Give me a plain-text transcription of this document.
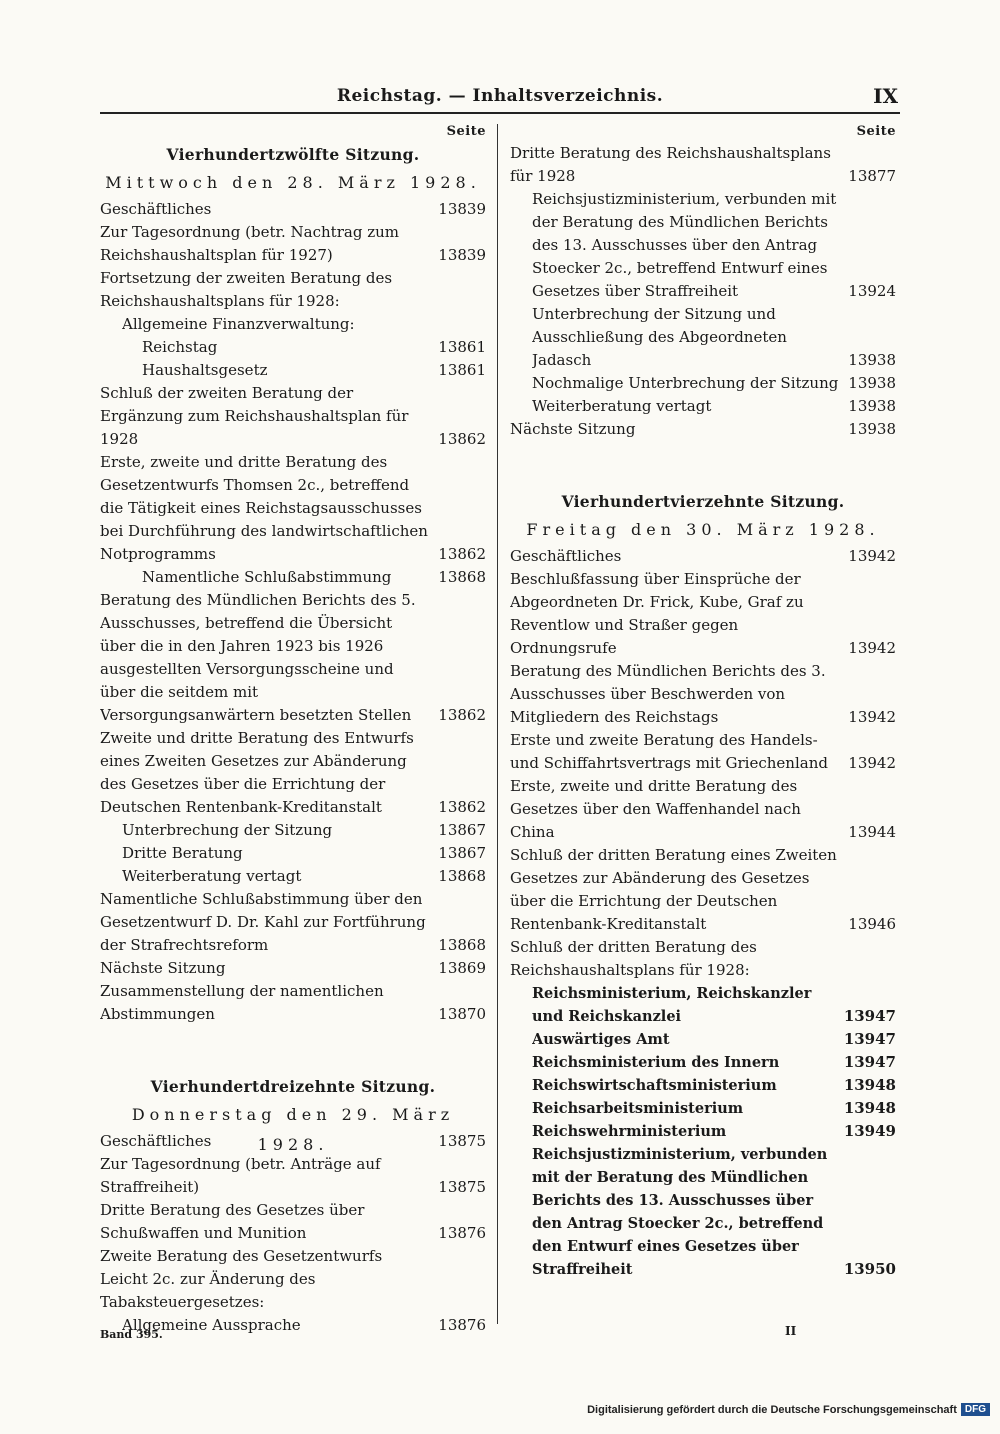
Reichstag. — Inhaltsverzeichnis.	IX
Seite
Vierhundertzwölfte Sitzung.
Mittwoch den 28. März 1928.
Geschäftliches	13839
Zur Tagesordnung (betr. Nachtrag zum Reichshaushaltsplan für 1927)	13839
Fortsetzung der zweiten Beratung des Reichshaushaltsplans für 1928:
Allgemeine Finanzverwaltung:
Reichstag	13861
Haushaltsgesetz	13861
Schluß der zweiten Beratung der Ergänzung zum Reichshaushaltsplan für 1928	13862
Erste, zweite und dritte Beratung des Gesetzentwurfs Thomsen 2c., betreffend die Tätigkeit eines Reichstagsausschusses bei Durchführung des landwirtschaftlichen Notprogramms	13862
Namentliche Schlußabstimmung	13868
Beratung des Mündlichen Berichts des 5. Ausschusses, betreffend die Übersicht über die in den Jahren 1923 bis 1926 ausgestellten Versorgungsscheine und über die seitdem mit Versorgungsanwärtern besetzten Stellen	13862
Zweite und dritte Beratung des Entwurfs eines Zweiten Gesetzes zur Abänderung des Gesetzes über die Errichtung der Deutschen Rentenbank-Kreditanstalt	13862
Unterbrechung der Sitzung	13867
Dritte Beratung	13867
Weiterberatung vertagt	13868
Namentliche Schlußabstimmung über den Gesetzentwurf D. Dr. Kahl zur Fortführung der Strafrechtsreform	13868
Nächste Sitzung	13869
Zusammenstellung der namentlichen Abstimmungen	13870
Vierhundertdreizehnte Sitzung.
Donnerstag den 29. März 1928.
Geschäftliches	13875
Zur Tagesordnung (betr. Anträge auf Straffreiheit)	13875
Dritte Beratung des Gesetzes über Schußwaffen und Munition	13876
Zweite Beratung des Gesetzentwurfs Leicht 2c. zur Änderung des Tabaksteuergesetzes:
Allgemeine Aussprache	13876
Seite
Dritte Beratung des Reichshaushaltsplans für 1928	13877
Reichsjustizministerium, verbunden mit der Beratung des Mündlichen Berichts des 13. Ausschusses über den Antrag Stoecker 2c., betreffend Entwurf eines Gesetzes über Straffreiheit	13924
Unterbrechung der Sitzung und Ausschließung des Abgeordneten Jadasch	13938
Nochmalige Unterbrechung der Sitzung 13938
Weiterberatung vertagt	13938
Nächste Sitzung	13938
Vierhundertvierzehnte Sitzung.
Freitag den 30. März 1928.
Geschäftliches	13942
Beschlußfassung über Einsprüche der Abgeordneten Dr. Frick, Kube, Graf zu Reventlow und Straßer gegen Ordnungsrufe	13942
Beratung des Mündlichen Berichts des 3. Ausschusses über Beschwerden von Mitgliedern des Reichstags	13942
Erste und zweite Beratung des Handels- und Schiffahrtsvertrags mit Griechenland	13942
Erste, zweite und dritte Beratung des Gesetzes über den Waffenhandel nach China	13944
Schluß der dritten Beratung eines Zweiten Gesetzes zur Abänderung des Gesetzes über die Errichtung der Deutschen Rentenbank-Kreditanstalt	13946
Schluß der dritten Beratung des Reichshaushaltsplans für 1928:
Reichsministerium, Reichskanzler und Reichskanzlei	13947
Auswärtiges Amt	13947
Reichsministerium des Innern	13947
Reichswirtschaftsministerium	13948
Reichsarbeitsministerium	13948
Reichswehrministerium	13949
Reichsjustizministerium, verbunden mit der Beratung des Mündlichen Berichts des 13. Ausschusses über den Antrag Stoecker 2c., betreffend den Entwurf eines Gesetzes über Straffreiheit	13950
Band 395.	II
Digitalisierung gefördert durch die Deutsche Forschungsgemeinschaft DFG
